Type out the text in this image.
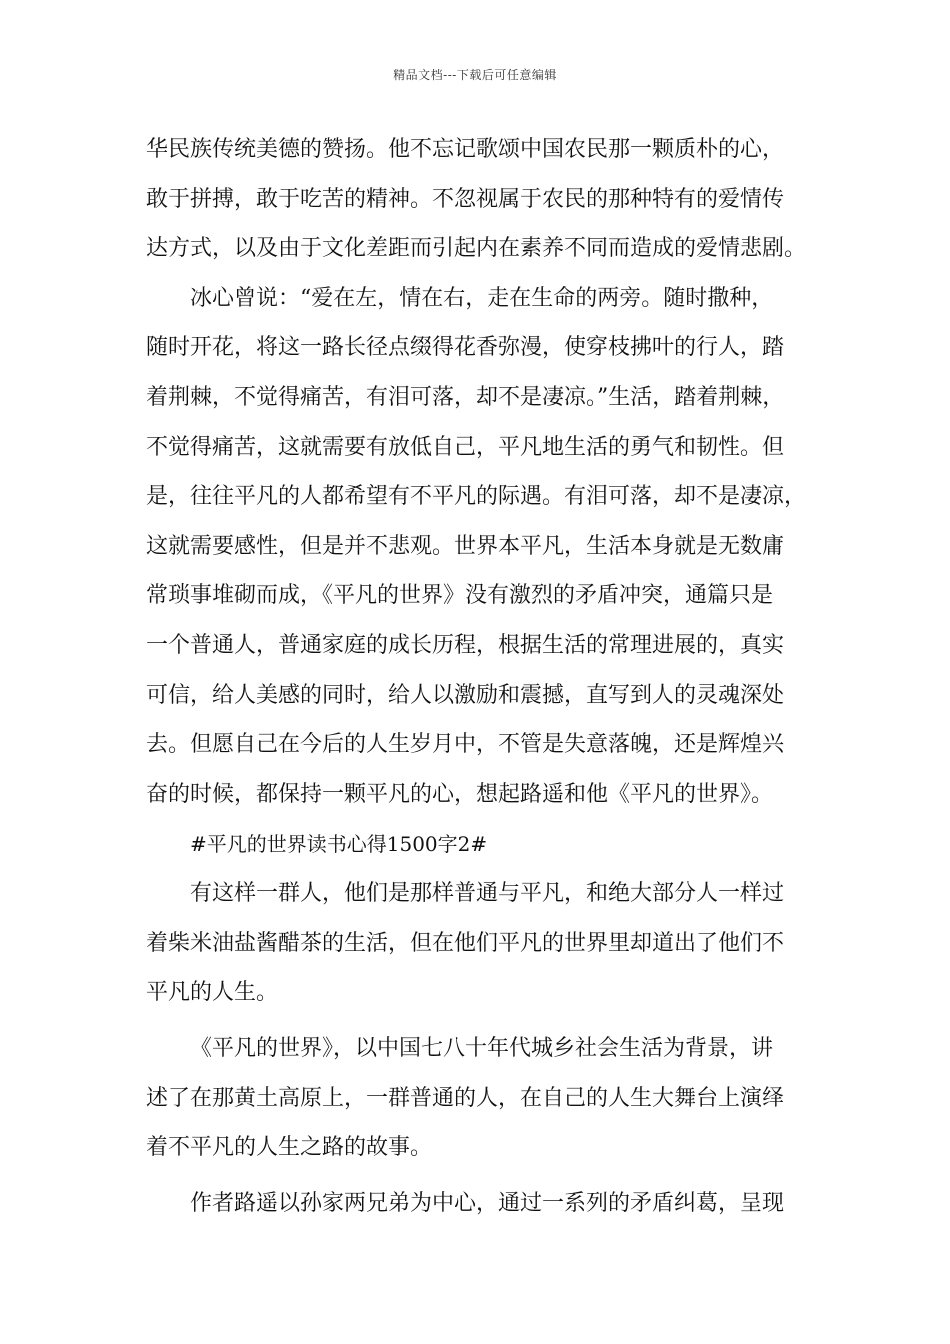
精品文档---下载后可任意编辑
华民族传统美德的赞扬。他不忘记歌颂中国农民那一颗质朴的心，
敢于拼搏，敢于吃苦的精神。不忽视属于农民的那种特有的爱情传
达方式，以及由于文化差距而引起内在素养不同而造成的爱情悲剧。
冰心曾说：“爱在左，情在右，走在生命的两旁。随时撒种，
随时开花，将这一路长径点缀得花香弥漫，使穿枝拂叶的行人，踏
着荆棘，不觉得痛苦，有泪可落，却不是凄凉。”生活，踏着荆棘，
不觉得痛苦，这就需要有放低自己，平凡地生活的勇气和韧性。但
是，往往平凡的人都希望有不平凡的际遇。有泪可落，却不是凄凉，
这就需要感性，但是并不悲观。世界本平凡，生活本身就是无数庸
常琐事堆砌而成，《平凡的世界》没有激烈的矛盾冲突，通篇只是
一个普通人，普通家庭的成长历程，根据生活的常理进展的，真实
可信，给人美感的同时，给人以激励和震撼，直写到人的灵魂深处
去。但愿自己在今后的人生岁月中，不管是失意落魄，还是辉煌兴
奋的时候，都保持一颗平凡的心，想起路遥和他《平凡的世界》。
#平凡的世界读书心得1500字2#
有这样一群人，他们是那样普通与平凡，和绝大部分人一样过
着柴米油盐酱醋茶的生活，但在他们平凡的世界里却道出了他们不
平凡的人生。
《平凡的世界》，以中国七八十年代城乡社会生活为背景，讲
述了在那黄土高原上，一群普通的人，在自己的人生大舞台上演绎
着不平凡的人生之路的故事。
作者路遥以孙家两兄弟为中心，通过一系列的矛盾纠葛，呈现
